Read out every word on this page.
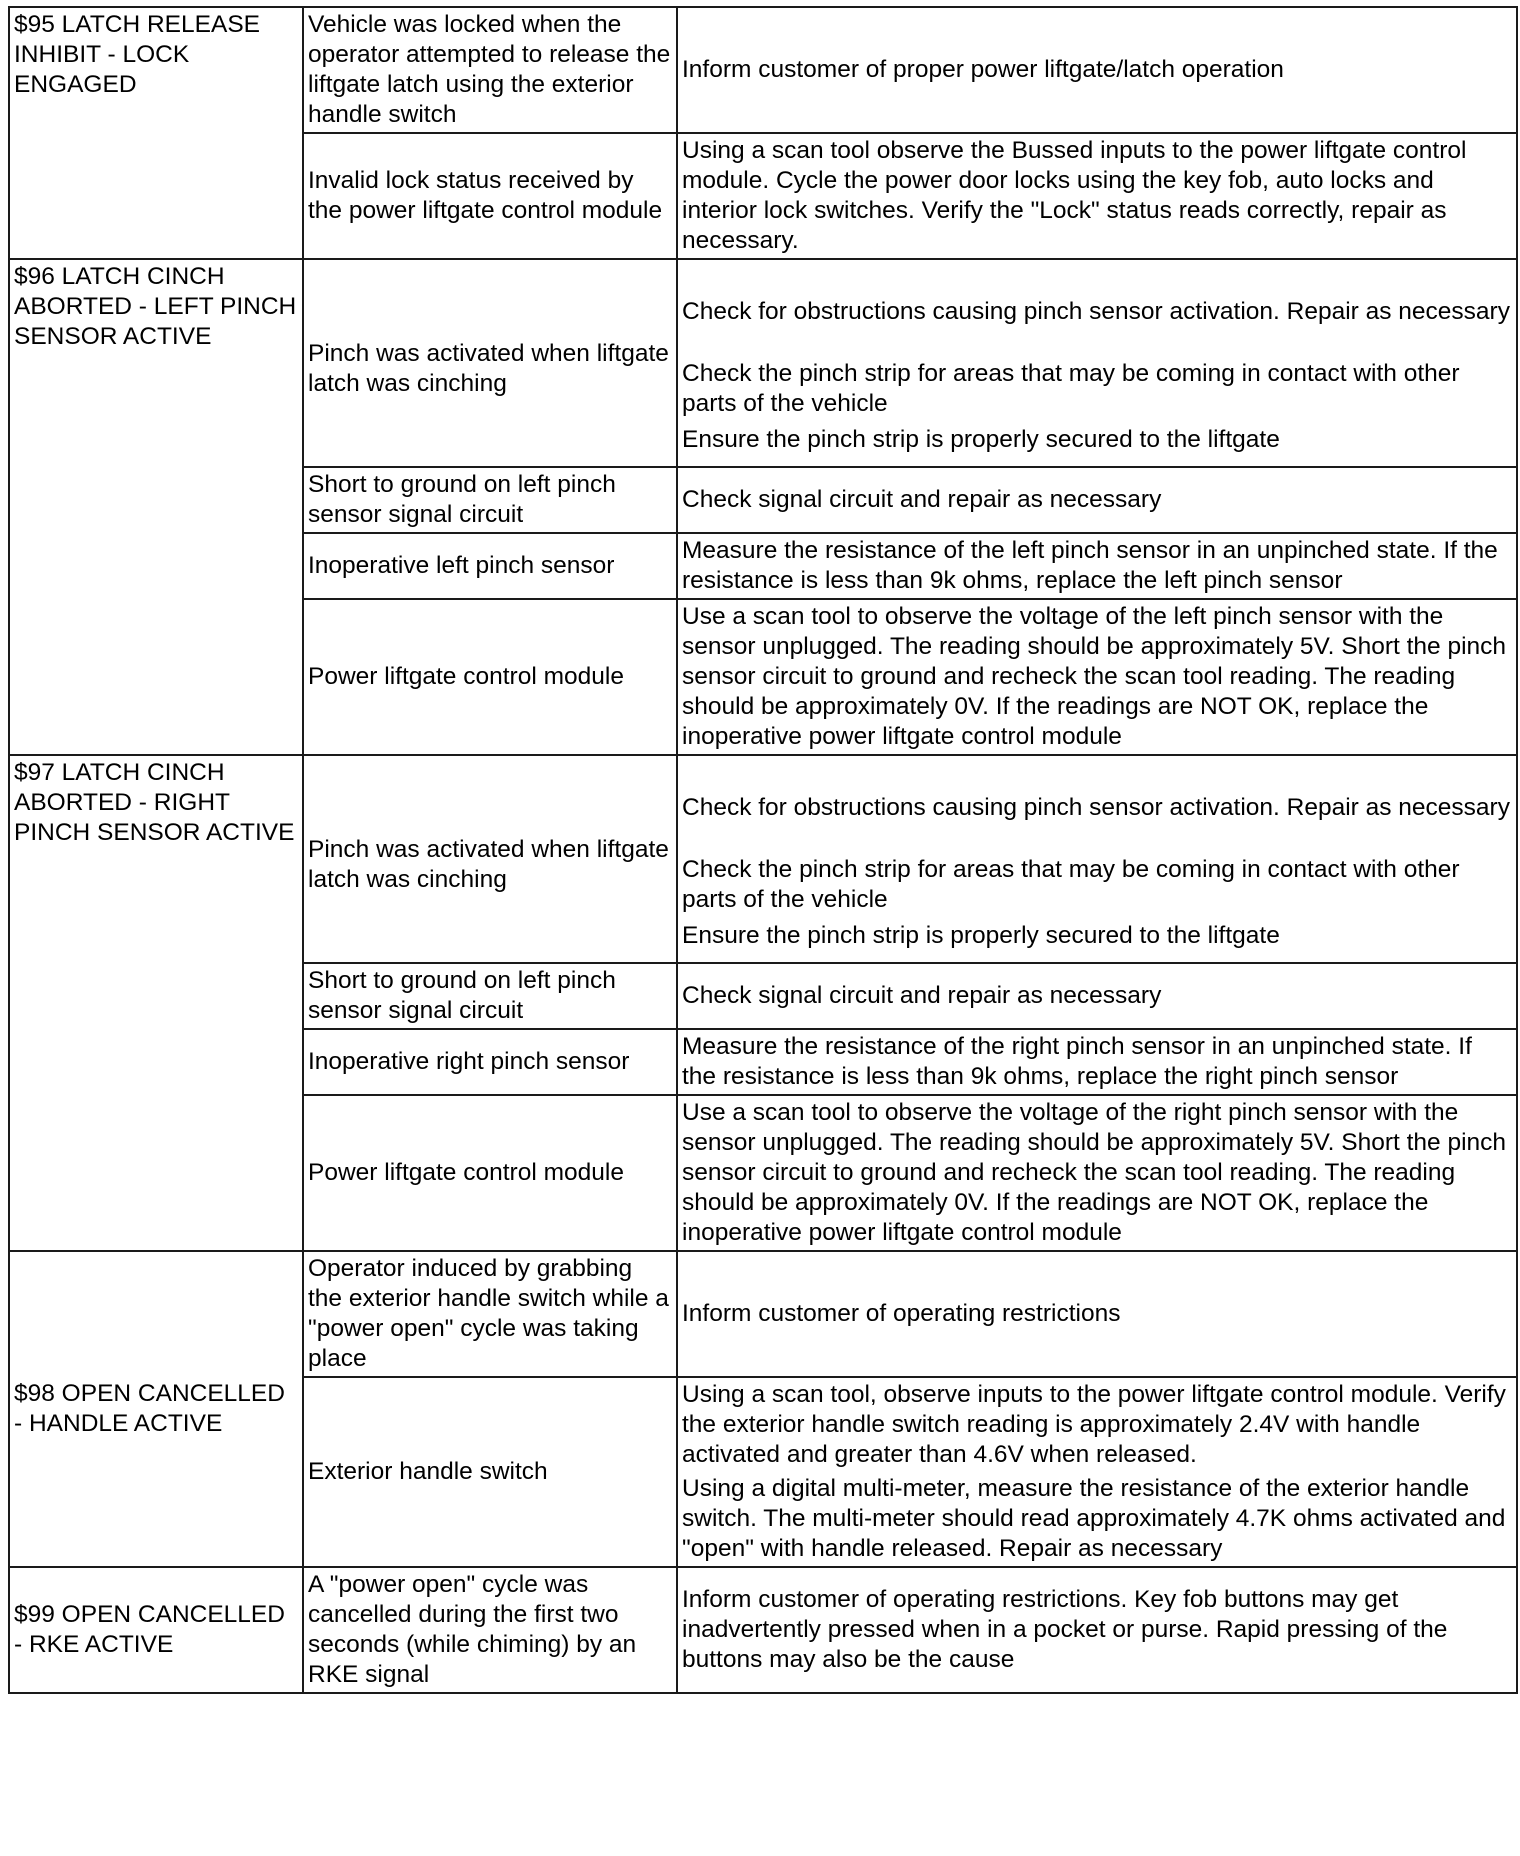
$95 LATCH RELEASE INHIBIT - LOCK ENGAGED	Vehicle was locked when the operator attempted to release the liftgate latch using the exterior handle switch	Inform customer of proper power liftgate/latch operation
	Invalid lock status received by the power liftgate control module	Using a scan tool observe the Bussed inputs to the power liftgate control module. Cycle the power door locks using the key fob, auto locks and interior lock switches. Verify the "Lock" status reads correctly, repair as necessary.
$96 LATCH CINCH ABORTED - LEFT PINCH SENSOR ACTIVE	Pinch was activated when liftgate latch was cinching	Check for obstructions causing pinch sensor activation. Repair as necessary
Check the pinch strip for areas that may be coming in contact with other parts of the vehicle
Ensure the pinch strip is properly secured to the liftgate

	Short to ground on left pinch sensor signal circuit	Check signal circuit and repair as necessary
	Inoperative left pinch sensor	Measure the resistance of the left pinch sensor in an unpinched state. If the resistance is less than 9k ohms, replace the left pinch sensor
	Power liftgate control module	Use a scan tool to observe the voltage of the left pinch sensor with the sensor unplugged. The reading should be approximately 5V. Short the pinch sensor circuit to ground and recheck the scan tool reading. The reading should be approximately 0V. If the readings are NOT OK, replace the inoperative power liftgate control module
$97 LATCH CINCH ABORTED - RIGHT PINCH SENSOR ACTIVE	Pinch was activated when liftgate latch was cinching	Check for obstructions causing pinch sensor activation. Repair as necessary
Check the pinch strip for areas that may be coming in contact with other parts of the vehicle
Ensure the pinch strip is properly secured to the liftgate

	Short to ground on left pinch sensor signal circuit	Check signal circuit and repair as necessary
	Inoperative right pinch sensor	Measure the resistance of the right pinch sensor in an unpinched state. If the resistance is less than 9k ohms, replace the right pinch sensor
	Power liftgate control module	Use a scan tool to observe the voltage of the right pinch sensor with the sensor unplugged. The reading should be approximately 5V. Short the pinch sensor circuit to ground and recheck the scan tool reading. The reading should be approximately 0V. If the readings are NOT OK, replace the inoperative power liftgate control module
$98 OPEN CANCELLED - HANDLE ACTIVE	Operator induced by grabbing the exterior handle switch while a "power open" cycle was taking place	Inform customer of operating restrictions
	Exterior handle switch	Using a scan tool, observe inputs to the power liftgate control module. Verify the exterior handle switch reading is approximately 2.4V with handle activated and greater than 4.6V when released.
Using a digital multi-meter, measure the resistance of the exterior handle switch. The multi-meter should read approximately 4.7K ohms activated and "open" with handle released. Repair as necessary

$99 OPEN CANCELLED - RKE ACTIVE	A "power open" cycle was cancelled during the first two seconds (while chiming) by an RKE signal	Inform customer of operating restrictions. Key fob buttons may get inadvertently pressed when in a pocket or purse. Rapid pressing of the buttons may also be the cause
